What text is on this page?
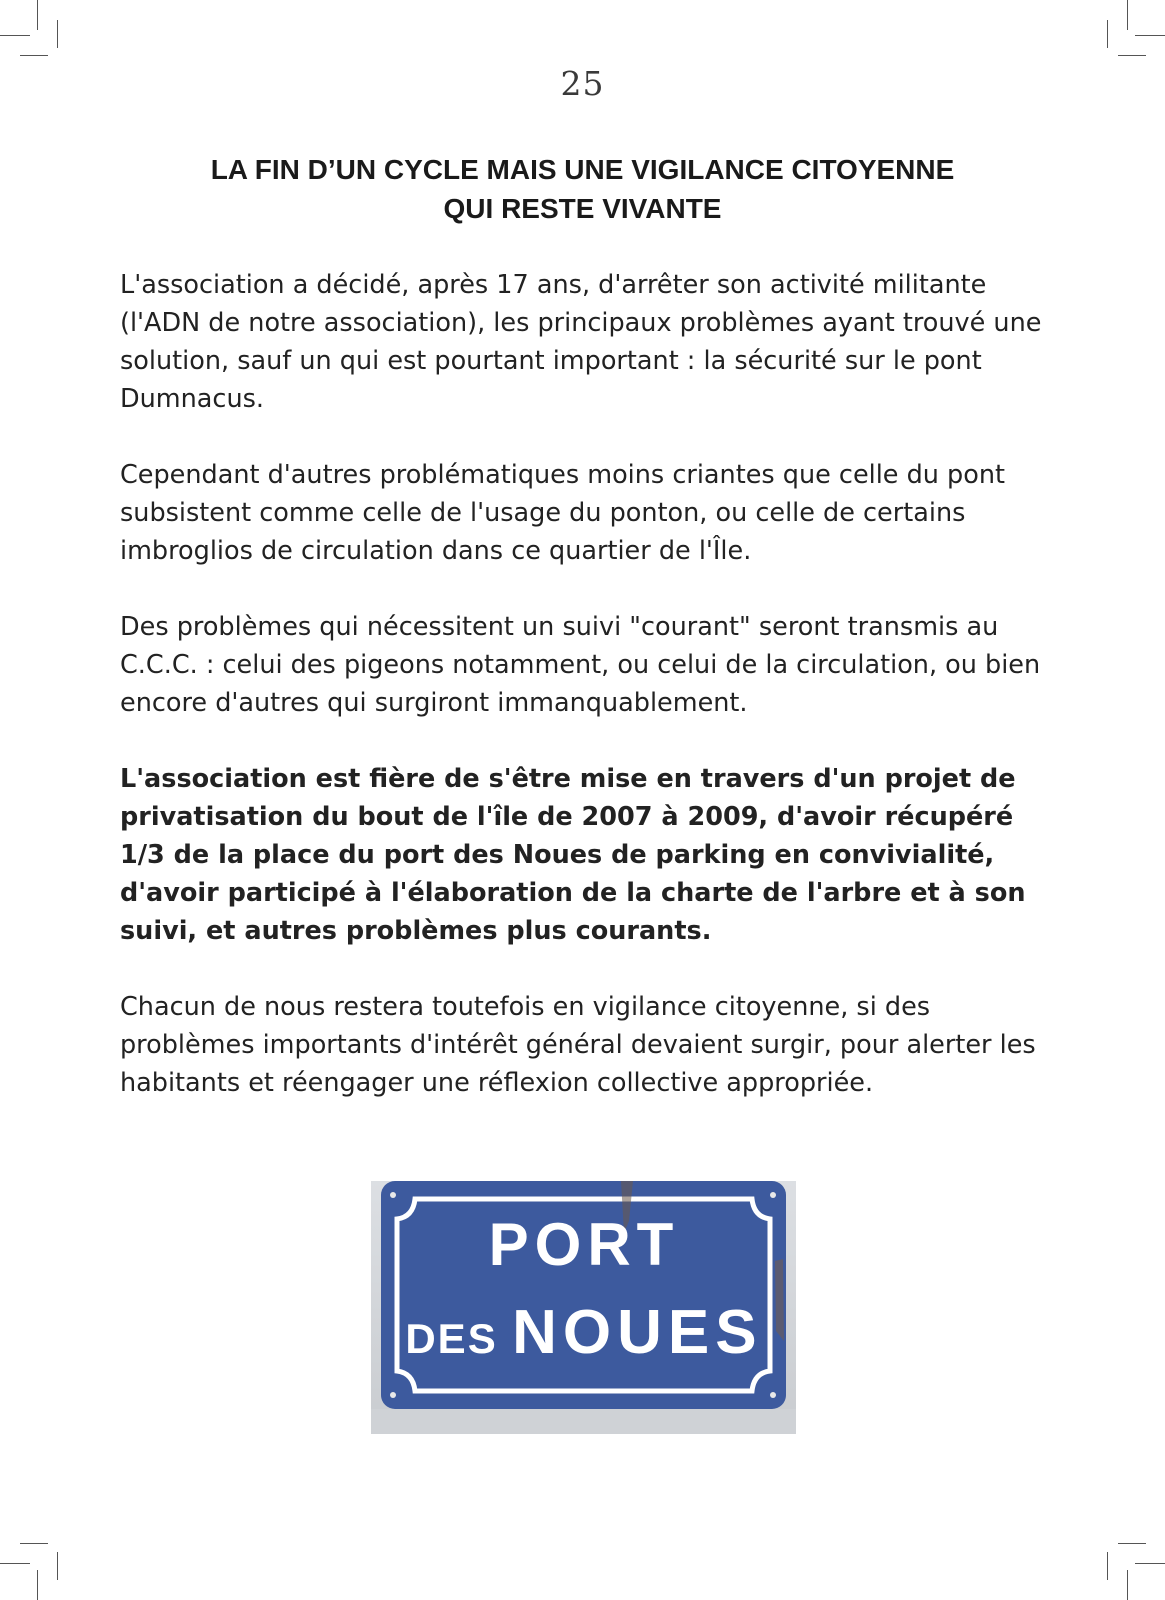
25
LA FIN D’UN CYCLE MAIS UNE VIGILANCE CITOYENNE
QUI RESTE VIVANTE

L'association a décidé, après 17 ans, d'arrêter son activité militante (l'ADN de notre association), les principaux problèmes ayant trouvé une solution, sauf un qui est pourtant important : la sécurité sur le pont Dumnacus.

Cependant d'autres problématiques moins criantes que celle du pont subsistent comme celle de l'usage du ponton, ou celle de certains imbroglios de circulation dans ce quartier de l'Île.

Des problèmes qui nécessitent un suivi "courant" seront transmis au C.C.C. : celui des pigeons notamment, ou celui de la circulation, ou bien encore d'autres qui surgiront immanquablement.

L'association est fière de s'être mise en travers d'un projet de privatisation du bout de l'île de 2007 à 2009, d'avoir récupéré 1/3 de la place du port des Noues de parking en convivialité, d'avoir participé à l'élaboration de la charte de l'arbre et à son suivi, et autres problèmes plus courants.

Chacun de nous restera toutefois en vigilance citoyenne, si des problèmes importants d'intérêt général devaient surgir, pour alerter les habitants et réengager une réflexion collective appropriée.

PORT
DES NOUES
